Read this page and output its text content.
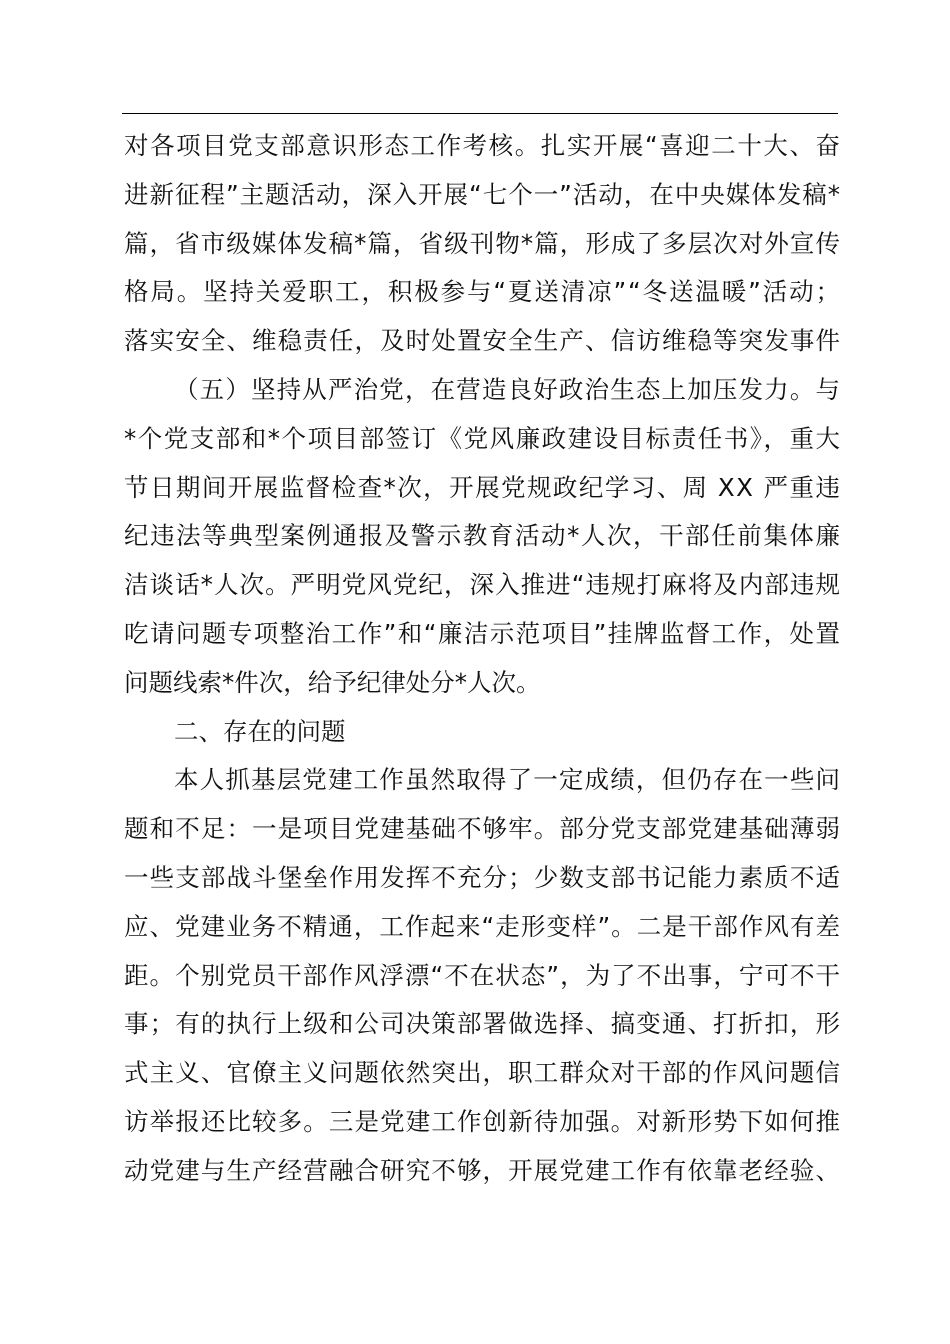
对各项目党支部意识形态工作考核。扎实开展“喜迎二十大、奋
进新征程”主题活动，深入开展“七个一”活动，在中央媒体发稿*
篇，省市级媒体发稿*篇，省级刊物*篇，形成了多层次对外宣传
格局。坚持关爱职工，积极参与“夏送清凉”“冬送温暖”活动；
落实安全、维稳责任，及时处置安全生产、信访维稳等突发事件
（五）坚持从严治党，在营造良好政治生态上加压发力。与
*个党支部和*个项目部签订《党风廉政建设目标责任书》，重大
节日期间开展监督检查*次，开展党规政纪学习、周 XX 严重违
纪违法等典型案例通报及警示教育活动*人次，干部任前集体廉
洁谈话*人次。严明党风党纪，深入推进“违规打麻将及内部违规
吃请问题专项整治工作”和“廉洁示范项目”挂牌监督工作，处置
问题线索*件次，给予纪律处分*人次。
二、存在的问题
本人抓基层党建工作虽然取得了一定成绩，但仍存在一些问
题和不足：一是项目党建基础不够牢。部分党支部党建基础薄弱
一些支部战斗堡垒作用发挥不充分；少数支部书记能力素质不适
应、党建业务不精通，工作起来“走形变样”。二是干部作风有差
距。个别党员干部作风浮漂“不在状态”，为了不出事，宁可不干
事；有的执行上级和公司决策部署做选择、搞变通、打折扣，形
式主义、官僚主义问题依然突出，职工群众对干部的作风问题信
访举报还比较多。三是党建工作创新待加强。对新形势下如何推
动党建与生产经营融合研究不够，开展党建工作有依靠老经验、
